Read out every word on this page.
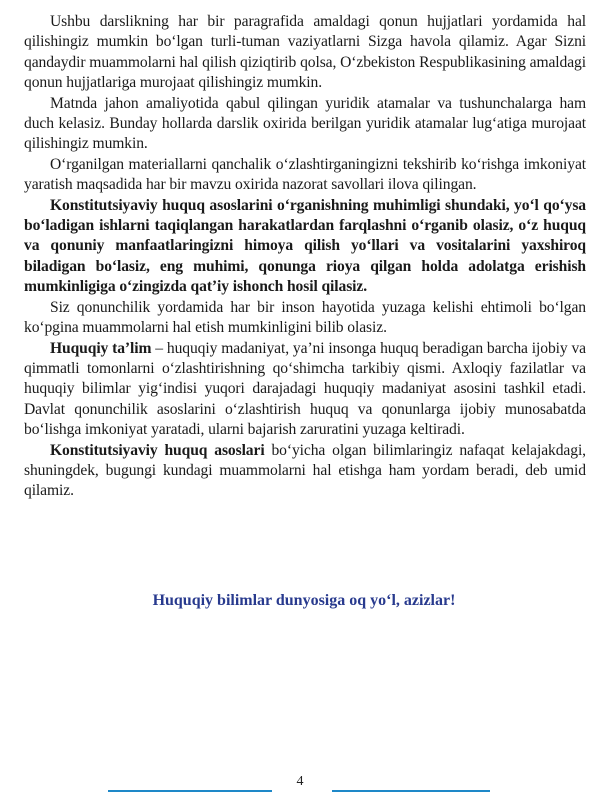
Ushbu darslikning har bir paragrafida amaldagi qonun hujjatlari yordamida hal qilishingiz mumkin boʻlgan turli-tuman vaziyatlarni Sizga havola qilamiz. Agar Sizni qandaydir muammolarni hal qilish qiziqtirib qolsa, Oʻzbekiston Respublikasining amaldagi qonun hujjatlariga murojaat qilishingiz mumkin.

Matnda jahon amaliyotida qabul qilingan yuridik atamalar va tushunchalarga ham duch kelasiz. Bunday hollarda darslik oxirida berilgan yuridik atamalar lugʻatiga murojaat qilishingiz mumkin.

Oʻrganilgan materiallarni qanchalik oʻzlashtirganingizni tekshirib koʻrishga imkoniyat yaratish maqsadida har bir mavzu oxirida nazorat savollari ilova qilingan.

Konstitutsiyaviy huquq asoslarini oʻrganishning muhimligi shundaki, yoʻl qoʻysa boʻladigan ishlarni taqiqlangan harakatlardan farqlashni oʻrganib olasiz, oʻz huquq va qonuniy manfaatlaringizni himoya qilish yoʻllari va vositalarini yaxshiroq biladigan boʻlasiz, eng muhimi, qonunga rioya qilgan holda adolatga erishish mumkinligiga oʻzingizda qatʼiy ishonch hosil qilasiz.

Siz qonunchilik yordamida har bir inson hayotida yuzaga kelishi ehtimoli boʻlgan koʻpgina muammolarni hal etish mumkinligini bilib olasiz.

Huquqiy taʼlim – huquqiy madaniyat, yaʼni insonga huquq beradigan barcha ijobiy va qimmatli tomonlarni oʻzlashtirishning qoʻshimcha tarkibiy qismi. Axloqiy fazilatlar va huquqiy bilimlar yigʻindisi yuqori darajadagi huquqiy madaniyat asosini tashkil etadi. Davlat qonunchilik asoslarini oʻzlashtirish huquq va qonunlarga ijobiy munosabatda boʻlishga imkoniyat yaratadi, ularni bajarish zaruratini yuzaga keltiradi.

Konstitutsiyaviy huquq asoslari boʻyicha olgan bilimlaringiz nafaqat kelajakdagi, shuningdek, bugungi kundagi muammolarni hal etishga ham yordam beradi, deb umid qilamiz.

Huquqiy bilimlar dunyosiga oq yoʻl, azizlar!
4
